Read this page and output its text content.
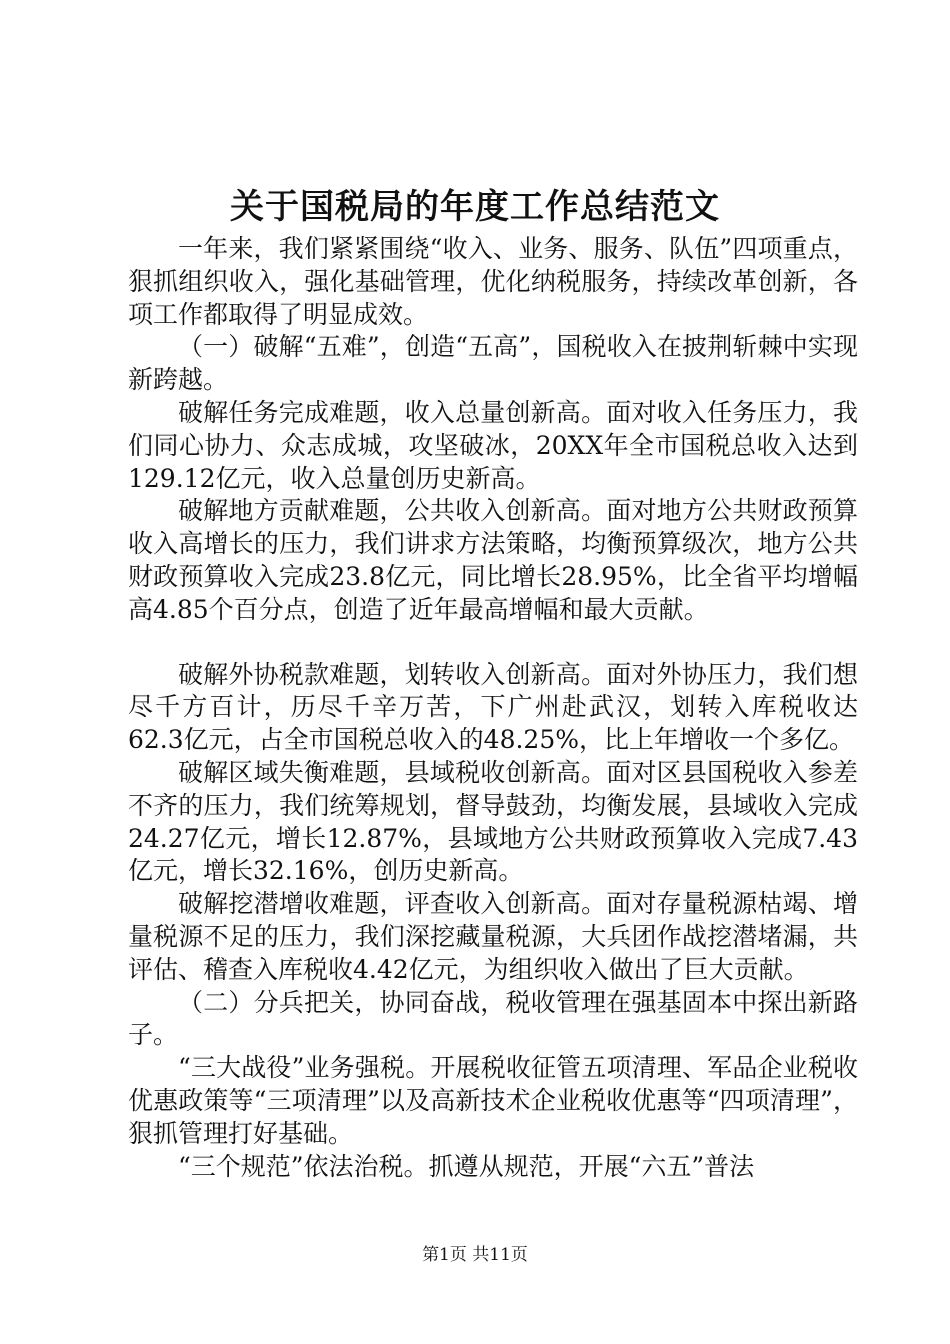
关于国税局的年度工作总结范文

一年来，我们紧紧围绕“收入、业务、服务、队伍”四项重点，狠抓组织收入，强化基础管理，优化纳税服务，持续改革创新，各项工作都取得了明显成效。

（一）破解“五难”，创造“五高”，国税收入在披荆斩棘中实现新跨越。

破解任务完成难题，收入总量创新高。面对收入任务压力，我们同心协力、众志成城，攻坚破冰，20XX年全市国税总收入达到129.12亿元，收入总量创历史新高。

破解地方贡献难题，公共收入创新高。面对地方公共财政预算收入高增长的压力，我们讲求方法策略，均衡预算级次，地方公共财政预算收入完成23.8亿元，同比增长28.95%，比全省平均增幅高4.85个百分点，创造了近年最高增幅和最大贡献。

破解外协税款难题，划转收入创新高。面对外协压力，我们想尽千方百计，历尽千辛万苦，下广州赴武汉，划转入库税收达62.3亿元，占全市国税总收入的48.25%，比上年增收一个多亿。

破解区域失衡难题，县域税收创新高。面对区县国税收入参差不齐的压力，我们统筹规划，督导鼓劲，均衡发展，县域收入完成24.27亿元，增长12.87%，县域地方公共财政预算收入完成7.43亿元，增长32.16%，创历史新高。

破解挖潜增收难题，评查收入创新高。面对存量税源枯竭、增量税源不足的压力，我们深挖藏量税源，大兵团作战挖潜堵漏，共评估、稽查入库税收4.42亿元，为组织收入做出了巨大贡献。

（二）分兵把关，协同奋战，税收管理在强基固本中探出新路子。

“三大战役”业务强税。开展税收征管五项清理、军品企业税收优惠政策等“三项清理”以及高新技术企业税收优惠等“四项清理”，狠抓管理打好基础。

“三个规范”依法治税。抓遵从规范，开展“六五”普法

第1页 共11页
